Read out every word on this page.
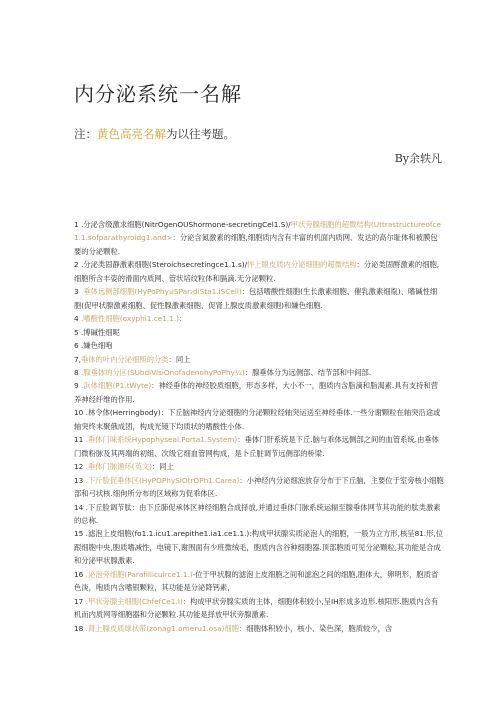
内分泌系统一名解
注：黄色高亮名解为以往考题。
By余轶凡

1 .分泌含级激求细胞(NitrOgenOUShormone-secretingCel1.S)/甲状旁腺细胞的超微结构(Uttrastructureofce1.1.sofparathyroidg1.and>：分泌含氮激素的细胞,细胞质内含有丰富的机面内质网、发达的高尔耻体和被膜包要的分泌颗粒.

2 .分泌类固静激素细胞(Steroichsecretingce1.1.s)/怦上眼皮质内分泌细胞的超微结构：分泌类固酹激素的细胞,细胞所含丰姿的滑面内质网、管状培纹粒体和膈滴.无分泌颗粒.

3 .垂体远侧部细胞(HyPoPhy₃iSPar₂diSta1.iSCell)：包括嗜酸性细胞(生长激素细胞、催乳激素细胤)、嗜碱性细胞(促甲状腺激素细胞、促性腺激素细胞、促肾上腺皮质激素细胞)和嫌色细胞.

4 .嗜酸性细胞(oxyphi1.ce1.1.)：

5 .博碱性细呢

6 .嫌色细咆

7,垂体的叶内分泌细照的分类：同上

8 .腺垂体的分区(SUbdiVisiOnofadenohyPoPhy¼)：腺垂体分为远侧部、结节部和中间部.

9 .浜体细胞(P1.tWyte)：神经垂体的神经胶质细胞，形态多样，大小不一，胞质内含脂滴和脂渴素.具有支持和营养神经纤维的作用.

10 .林令体(Herringbody)：下丘脑神经内分泌细胞的分泌颗粒经轴突运送至神经垂体.一些分谢颗粒在轴突沿途或轴突终末聚俄成团，构成光镜下均质状的嗜酸性小体.

11 .垂体门味系统Hypophyseal.Porta1.System)：垂体门肝系统是下丘.脑与乖体远侧部之间的血管系统.由垂体门微粉脉及其两端的初组、次级它细血管网构成，是卜丘脏调节远侧部的桥梁.

12 .垂体门脉循环(英文)：同上

13 .下斤脸促垂体区(HyPOPhySiOtrOPh1.Carea)：小神经内分泌细泡放存分布于下丘脑，主要位于室旁核小细胞部和弓状核.细佝所分布的区域称为促乖体区.

14 .下丘脸调节肽：由下丘肺促承体区神经细胞合成择放,并通过垂体门脉系统运辐至腺垂体网节其功能的肽类激素的总称.

15 .滤泡上皮细胞(fo1.1.icu1.arepithe1.ia1.ce1.1.):构成甲状腺实质泌泡人的细胞，一般为立方形,核呈81.形,位跟细胞中央,胞质嗜减性，电镜下,谢围面有少班微绒毛，胞质内含谷种细胞器.顶部胞质可见分泌颗粒,其功能是合成和分泌甲状腺激素.

16 .泌泡旁细胞(Parafilliculrce1.1.)·位于甲状腺的滤泡上皮细胞之间和滤泡之间的细胞,胞体大，卵明形，胞质省色淡，咆质内含嗜银颗粒，其功能是分泌降钙素，

17 .甲状旁腺主细胞(ChfefCe1.I)：构成甲状旁腺实质的主体，细胞体积较小,呈IH形成多边形.核阳形.胞质内含有机而内质网等细胞器和分泌颗粒.其功能是择放甲状旁腺激素.

18 .肾上腺皮质球状带(zonag1.omeru1.osa)细胞：细胞体积较小，核小、染色深，胞质较少，含
